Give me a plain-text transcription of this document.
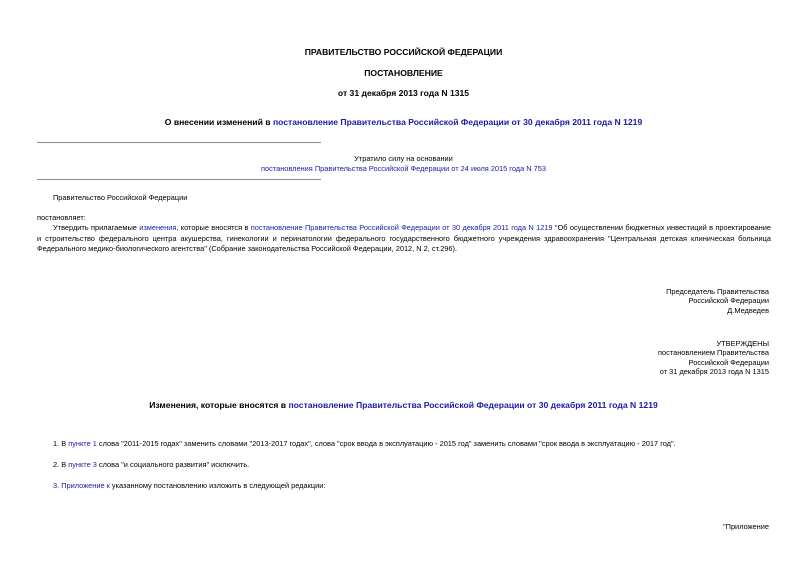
ПРАВИТЕЛЬСТВО РОССИЙСКОЙ ФЕДЕРАЦИИ
ПОСТАНОВЛЕНИЕ
от 31 декабря 2013 года N 1315
О внесении изменений в постановление Правительства Российской Федерации от 30 декабря 2011 года N 1219
Утратило силу на основании
постановления Правительства Российской Федерации от 24 июля 2015 года N 753
Правительство Российской Федерации
постановляет:
Утвердить прилагаемые изменения, которые вносятся в постановление Правительства Российской Федерации от 30 декабря 2011 года N 1219 "Об осуществлении бюджетных инвестиций в проектирование и строительство федерального центра акушерства, гинекологии и перинатологии федерального государственного бюджетного учреждения здравоохранения "Центральная детская клиническая больница Федерального медико-биологического агентства" (Собрание законодательства Российской Федерации, 2012, N 2, ст.296).
Председатель Правительства
Российской Федерации
Д.Медведев
УТВЕРЖДЕНЫ
постановлением Правительства
Российской Федерации
от 31 декабря 2013 года N 1315
Изменения, которые вносятся в постановление Правительства Российской Федерации от 30 декабря 2011 года N 1219
1. В пункте 1 слова "2011-2015 годах" заменить словами "2013-2017 годах", слова "срок ввода в эксплуатацию - 2015 год" заменить словами "срок ввода в эксплуатацию - 2017 год".
2. В пункте 3 слова "и социального развития" исключить.
3. Приложение к указанному постановлению изложить в следующей редакции:
"Приложение
